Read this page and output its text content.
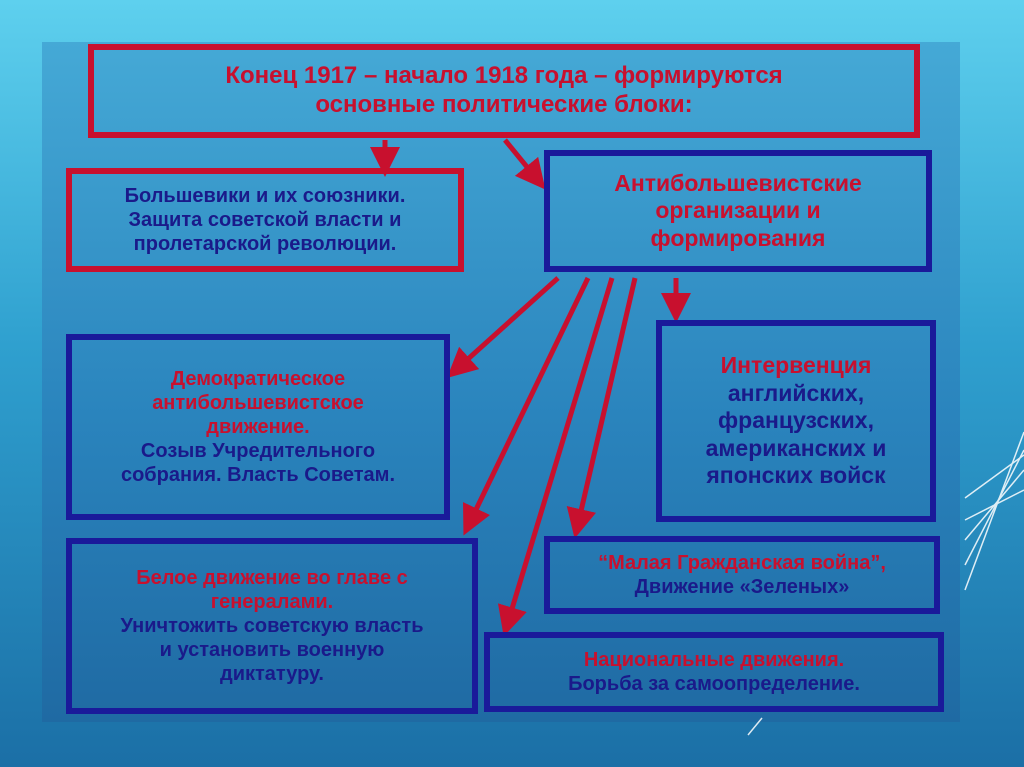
Конец 1917 – начало 1918 года – формируются
основные политические блоки:
Большевики и их союзники.
Защита советской власти и
пролетарской революции.
Антибольшевистские
организации и
формирования
Демократическое
антибольшевистское
движение.
Созыв Учредительного
собрания. Власть Советам.
Интервенция
английских,
французских,
американских и
японских войск
Белое движение во главе с
генералами.
Уничтожить советскую власть
и установить военную
диктатуру.
“Малая Гражданская война”,
Движение «Зеленых»
Национальные движения.
Борьба за самоопределение.
